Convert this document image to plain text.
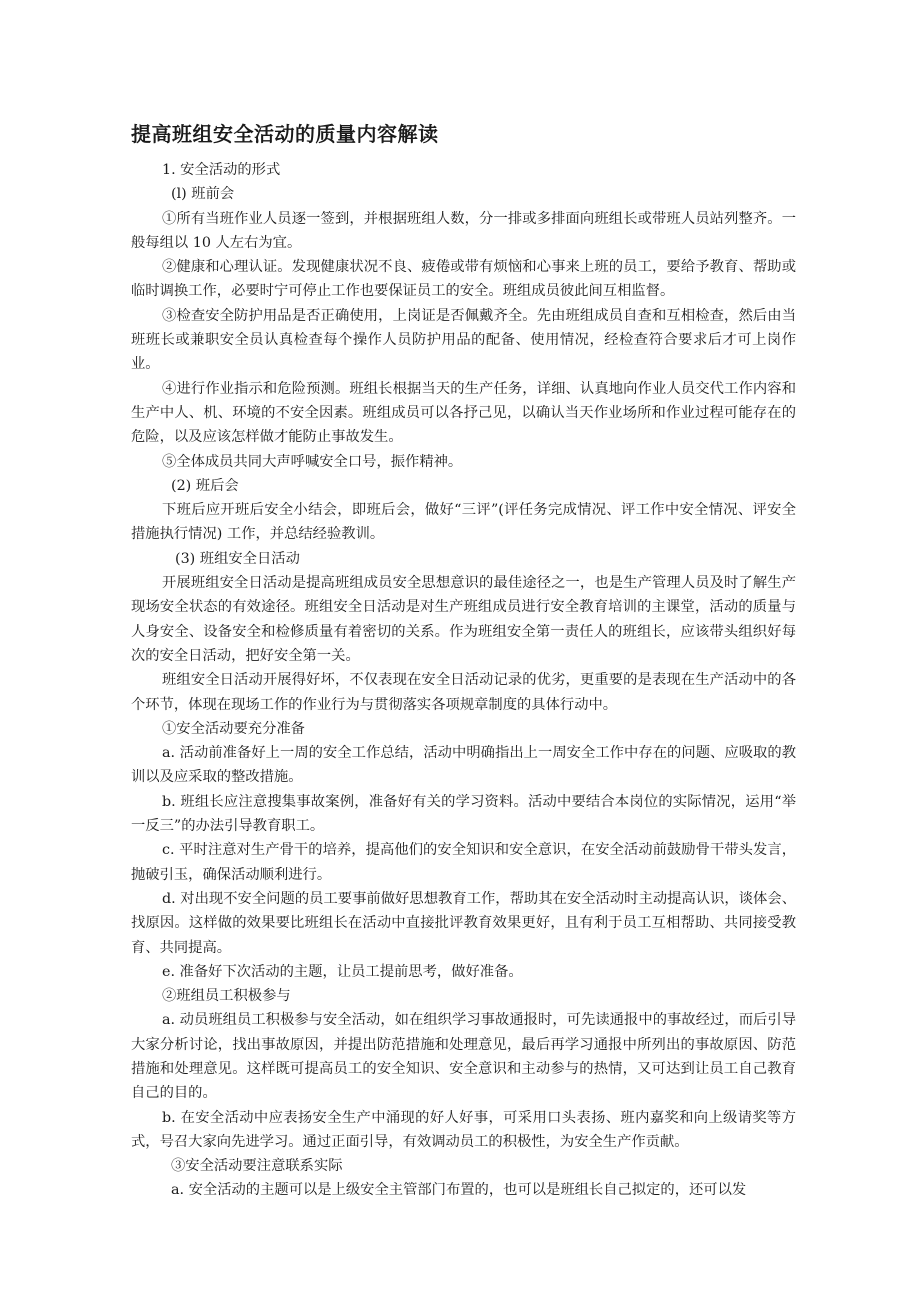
提高班组安全活动的质量内容解读

1. 安全活动的形式

(l) 班前会

①所有当班作业人员逐一签到，并根据班组人数，分一排或多排面向班组长或带班人员站列整齐。一般每组以 10 人左右为宜。

②健康和心理认证。发现健康状况不良、疲倦或带有烦恼和心事来上班的员工，要给予教育、帮助或临时调换工作，必要时宁可停止工作也要保证员工的安全。班组成员彼此间互相监督。

③检查安全防护用品是否正确使用，上岗证是否佩戴齐全。先由班组成员自查和互相检查，然后由当班班长或兼职安全员认真检查每个操作人员防护用品的配备、使用情况，经检查符合要求后才可上岗作业。

④进行作业指示和危险预测。班组长根据当天的生产任务，详细、认真地向作业人员交代工作内容和生产中人、机、环境的不安全因素。班组成员可以各抒己见，以确认当天作业场所和作业过程可能存在的危险，以及应该怎样做才能防止事故发生。

⑤全体成员共同大声呼喊安全口号，振作精神。

(2) 班后会

下班后应开班后安全小结会，即班后会，做好“三评”(评任务完成情况、评工作中安全情况、评安全措施执行情况) 工作，并总结经验教训。

(3) 班组安全日活动

开展班组安全日活动是提高班组成员安全思想意识的最佳途径之一，也是生产管理人员及时了解生产现场安全状态的有效途径。班组安全日活动是对生产班组成员进行安全教育培训的主课堂，活动的质量与人身安全、设备安全和检修质量有着密切的关系。作为班组安全第一责任人的班组长，应该带头组织好每次的安全日活动，把好安全第一关。

班组安全日活动开展得好坏，不仅表现在安全日活动记录的优劣，更重要的是表现在生产活动中的各个环节，体现在现场工作的作业行为与贯彻落实各项规章制度的具体行动中。

①安全活动要充分准备

a. 活动前准备好上一周的安全工作总结，活动中明确指出上一周安全工作中存在的问题、应吸取的教训以及应采取的整改措施。

b. 班组长应注意搜集事故案例，准备好有关的学习资料。活动中要结合本岗位的实际情况，运用“举一反三”的办法引导教育职工。

c. 平时注意对生产骨干的培养，提高他们的安全知识和安全意识，在安全活动前鼓励骨干带头发言，抛破引玉，确保活动顺利进行。

d. 对出现不安全问题的员工要事前做好思想教育工作，帮助其在安全活动时主动提高认识，谈体会、找原因。这样做的效果要比班组长在活动中直接批评教育效果更好，且有利于员工互相帮助、共同接受教育、共同提高。

e. 准备好下次活动的主题，让员工提前思考，做好准备。

②班组员工积极参与

a. 动员班组员工积极参与安全活动，如在组织学习事故通报时，可先读通报中的事故经过，而后引导大家分析讨论，找出事故原因，并提出防范措施和处理意见，最后再学习通报中所列出的事故原因、防范措施和处理意见。这样既可提高员工的安全知识、安全意识和主动参与的热情，又可达到让员工自己教育自己的目的。

b. 在安全活动中应表扬安全生产中涌现的好人好事，可采用口头表扬、班内嘉奖和向上级请奖等方式，号召大家向先进学习。通过正面引导，有效调动员工的积极性，为安全生产作贡献。

③安全活动要注意联系实际

a. 安全活动的主题可以是上级安全主管部门布置的，也可以是班组长自己拟定的，还可以发
